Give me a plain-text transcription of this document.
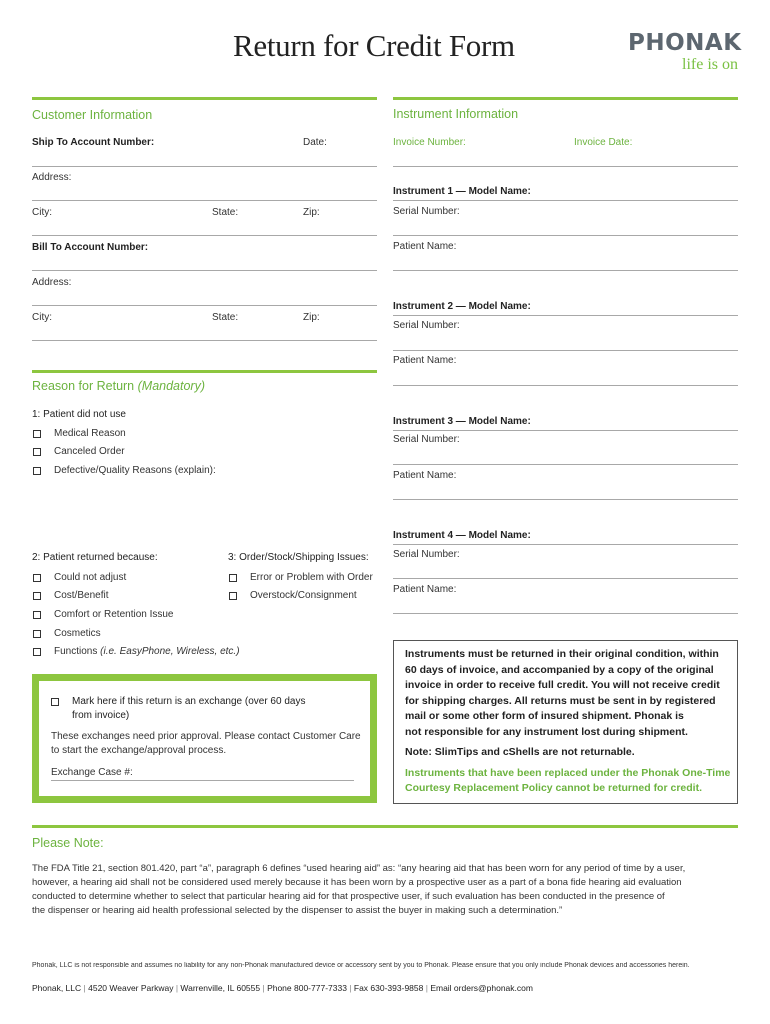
Return for Credit Form	PHONAK
life is on
Customer Information
Ship To Account Number:	Date:
Address:
City:	State:	Zip:
Bill To Account Number:
Address:
City:	State:	Zip:
Instrument Information
Invoice Number:	Invoice Date:
Instrument 1 — Model Name:
Serial Number:
Patient Name:
Instrument 2 — Model Name:
Serial Number:
Patient Name:
Instrument 3 — Model Name:
Serial Number:
Patient Name:
Instrument 4 — Model Name:
Serial Number:
Patient Name:
Reason for Return (Mandatory)
1: Patient did not use
Medical Reason
Canceled Order
Defective/Quality Reasons (explain):
2: Patient returned because:
Could not adjust
Cost/Benefit
Comfort or Retention Issue
Cosmetics
Functions (i.e. EasyPhone, Wireless, etc.)
3: Order/Stock/Shipping Issues:
Error or Problem with Order
Overstock/Consignment
Mark here if this return is an exchange (over 60 days
from invoice)
These exchanges need prior approval. Please contact Customer Care
to start the exchange/approval process.
Exchange Case #:
Instruments must be returned in their original condition, within
60 days of invoice, and accompanied by a copy of the original
invoice in order to receive full credit. You will not receive credit
for shipping charges. All returns must be sent in by registered
mail or some other form of insured shipment. Phonak is
not responsible for any instrument lost during shipment.
Note: SlimTips and cShells are not returnable.
Instruments that have been replaced under the Phonak One-Time
Courtesy Replacement Policy cannot be returned for credit.
Please Note:
The FDA Title 21, section 801.420, part “a”, paragraph 6 defines “used hearing aid” as: “any hearing aid that has been worn for any period of time by a user,
however, a hearing aid shall not be considered used merely because it has been worn by a prospective user as a part of a bona fide hearing aid evaluation
conducted to determine whether to select that particular hearing aid for that prospective user, if such evaluation has been conducted in the presence of
the dispenser or hearing aid health professional selected by the dispenser to assist the buyer in making such a determination.”
Phonak, LLC is not responsible and assumes no liability for any non-Phonak manufactured device or accessory sent by you to Phonak. Please ensure that you only include Phonak devices and accessories herein.
Phonak, LLC | 4520 Weaver Parkway | Warrenville, IL 60555 | Phone 800-777-7333 | Fax 630-393-9858 | Email orders@phonak.com
